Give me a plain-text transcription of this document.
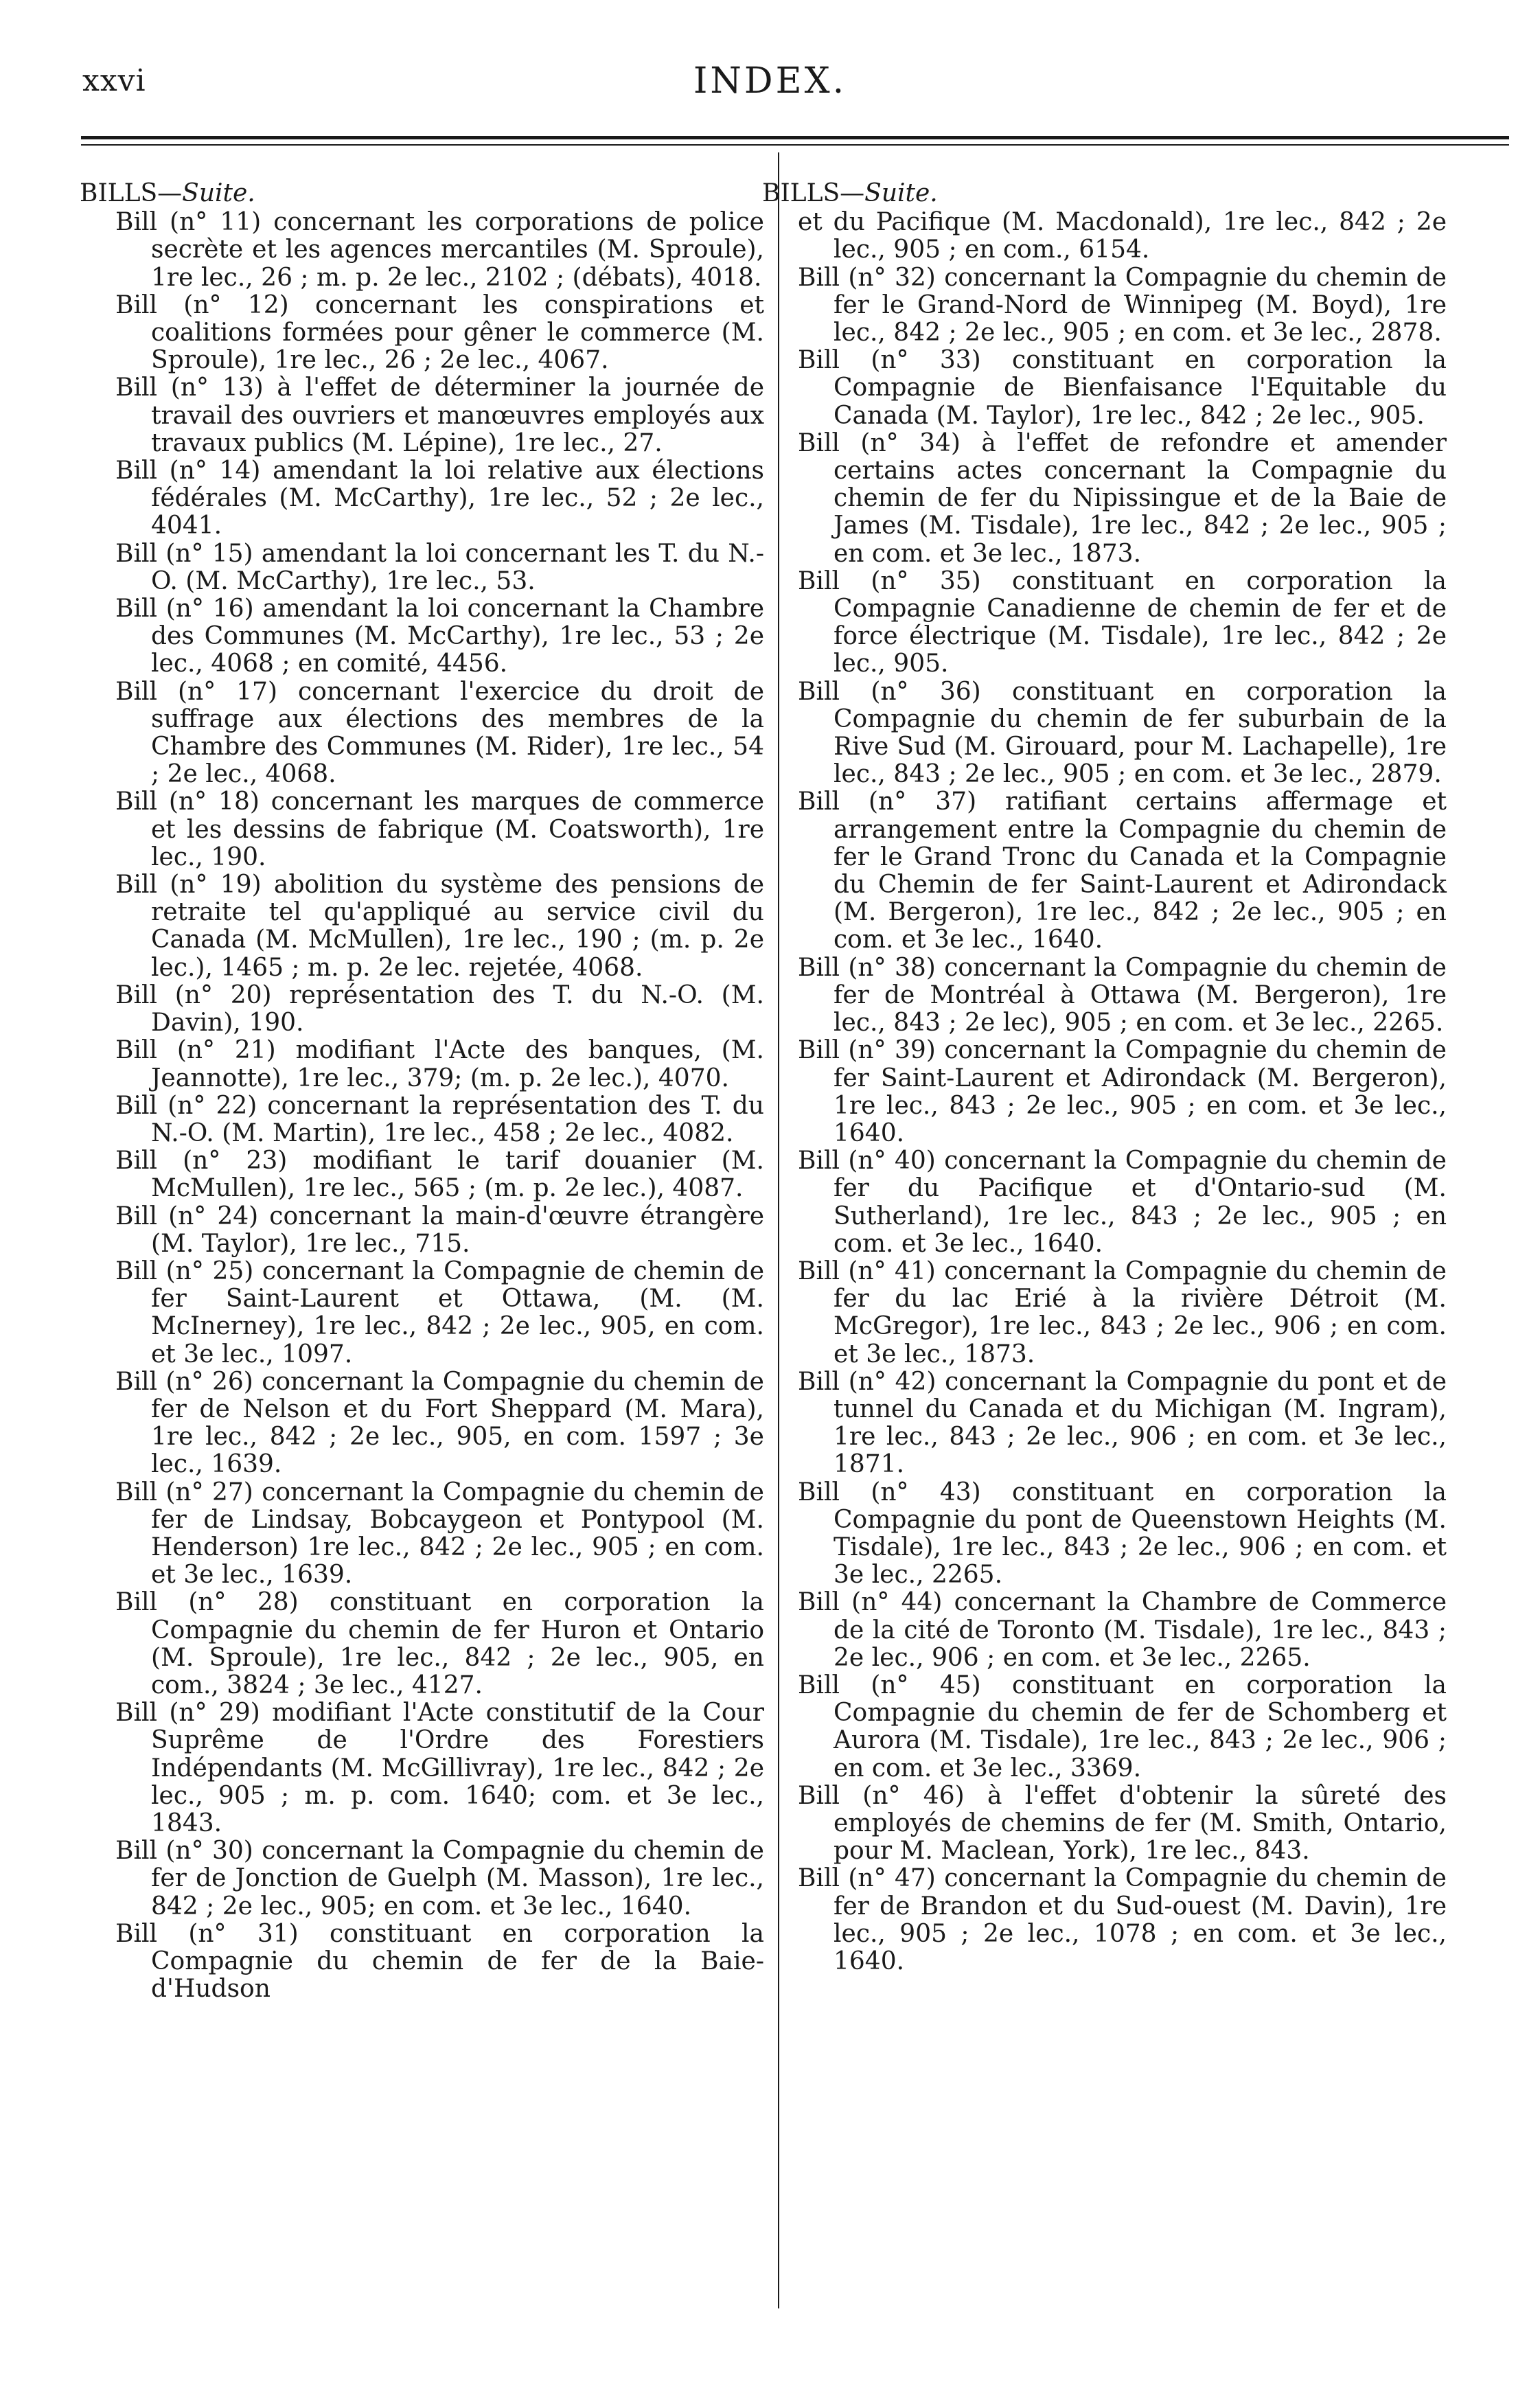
xxvi	INDEX.

BILLS—Suite.

Bill (n° 11) concernant les corporations de police secrète et les agences mercantiles (M. Sproule), 1re lec., 26 ; m. p. 2e lec., 2102 ; (débats), 4018.

Bill (n° 12) concernant les conspirations et coalitions formées pour gêner le commerce (M. Sproule), 1re lec., 26 ; 2e lec., 4067.

Bill (n° 13) à l'effet de déterminer la journée de travail des ouvriers et manœuvres employés aux travaux publics (M. Lépine), 1re lec., 27.

Bill (n° 14) amendant la loi relative aux élections fédérales (M. McCarthy), 1re lec., 52 ; 2e lec., 4041.

Bill (n° 15) amendant la loi concernant les T. du N.-O. (M. McCarthy), 1re lec., 53.

Bill (n° 16) amendant la loi concernant la Chambre des Communes (M. McCarthy), 1re lec., 53 ; 2e lec., 4068 ; en comité, 4456.

Bill (n° 17) concernant l'exercice du droit de suffrage aux élections des membres de la Chambre des Communes (M. Rider), 1re lec., 54 ; 2e lec., 4068.

Bill (n° 18) concernant les marques de commerce et les dessins de fabrique (M. Coatsworth), 1re lec., 190.

Bill (n° 19) abolition du système des pensions de retraite tel qu'appliqué au service civil du Canada (M. McMullen), 1re lec., 190 ; (m. p. 2e lec.), 1465 ; m. p. 2e lec. rejetée, 4068.

Bill (n° 20) représentation des T. du N.-O. (M. Davin), 190.

Bill (n° 21) modifiant l'Acte des banques, (M. Jeannotte), 1re lec., 379; (m. p. 2e lec.), 4070.

Bill (n° 22) concernant la représentation des T. du N.-O. (M. Martin), 1re lec., 458 ; 2e lec., 4082.

Bill (n° 23) modifiant le tarif douanier (M. McMullen), 1re lec., 565 ; (m. p. 2e lec.), 4087.

Bill (n° 24) concernant la main-d'œuvre étrangère (M. Taylor), 1re lec., 715.

Bill (n° 25) concernant la Compagnie de chemin de fer Saint-Laurent et Ottawa, (M. (M. McInerney), 1re lec., 842 ; 2e lec., 905, en com. et 3e lec., 1097.

Bill (n° 26) concernant la Compagnie du chemin de fer de Nelson et du Fort Sheppard (M. Mara), 1re lec., 842 ; 2e lec., 905, en com. 1597 ; 3e lec., 1639.

Bill (n° 27) concernant la Compagnie du chemin de fer de Lindsay, Bobcaygeon et Pontypool (M. Henderson) 1re lec., 842 ; 2e lec., 905 ; en com. et 3e lec., 1639.

Bill (n° 28) constituant en corporation la Compagnie du chemin de fer Huron et Ontario (M. Sproule), 1re lec., 842 ; 2e lec., 905, en com., 3824 ; 3e lec., 4127.

Bill (n° 29) modifiant l'Acte constitutif de la Cour Suprême de l'Ordre des Forestiers Indépendants (M. McGillivray), 1re lec., 842 ; 2e lec., 905 ; m. p. com. 1640; com. et 3e lec., 1843.

Bill (n° 30) concernant la Compagnie du chemin de fer de Jonction de Guelph (M. Masson), 1re lec., 842 ; 2e lec., 905; en com. et 3e lec., 1640.

Bill (n° 31) constituant en corporation la Compagnie du chemin de fer de la Baie-d'Hudson

BILLS—Suite.

et du Pacifique (M. Macdonald), 1re lec., 842 ; 2e lec., 905 ; en com., 6154.

Bill (n° 32) concernant la Compagnie du chemin de fer le Grand-Nord de Winnipeg (M. Boyd), 1re lec., 842 ; 2e lec., 905 ; en com. et 3e lec., 2878.

Bill (n° 33) constituant en corporation la Compagnie de Bienfaisance l'Equitable du Canada (M. Taylor), 1re lec., 842 ; 2e lec., 905.

Bill (n° 34) à l'effet de refondre et amender certains actes concernant la Compagnie du chemin de fer du Nipissingue et de la Baie de James (M. Tisdale), 1re lec., 842 ; 2e lec., 905 ; en com. et 3e lec., 1873.

Bill (n° 35) constituant en corporation la Compagnie Canadienne de chemin de fer et de force électrique (M. Tisdale), 1re lec., 842 ; 2e lec., 905.

Bill (n° 36) constituant en corporation la Compagnie du chemin de fer suburbain de la Rive Sud (M. Girouard, pour M. Lachapelle), 1re lec., 843 ; 2e lec., 905 ; en com. et 3e lec., 2879.

Bill (n° 37) ratifiant certains affermage et arrangement entre la Compagnie du chemin de fer le Grand Tronc du Canada et la Compagnie du Chemin de fer Saint-Laurent et Adirondack (M. Bergeron), 1re lec., 842 ; 2e lec., 905 ; en com. et 3e lec., 1640.

Bill (n° 38) concernant la Compagnie du chemin de fer de Montréal à Ottawa (M. Bergeron), 1re lec., 843 ; 2e lec), 905 ; en com. et 3e lec., 2265.

Bill (n° 39) concernant la Compagnie du chemin de fer Saint-Laurent et Adirondack (M. Bergeron), 1re lec., 843 ; 2e lec., 905 ; en com. et 3e lec., 1640.

Bill (n° 40) concernant la Compagnie du chemin de fer du Pacifique et d'Ontario-sud (M. Sutherland), 1re lec., 843 ; 2e lec., 905 ; en com. et 3e lec., 1640.

Bill (n° 41) concernant la Compagnie du chemin de fer du lac Erié à la rivière Détroit (M. McGregor), 1re lec., 843 ; 2e lec., 906 ; en com. et 3e lec., 1873.

Bill (n° 42) concernant la Compagnie du pont et de tunnel du Canada et du Michigan (M. Ingram), 1re lec., 843 ; 2e lec., 906 ; en com. et 3e lec., 1871.

Bill (n° 43) constituant en corporation la Compagnie du pont de Queenstown Heights (M. Tisdale), 1re lec., 843 ; 2e lec., 906 ; en com. et 3e lec., 2265.

Bill (n° 44) concernant la Chambre de Commerce de la cité de Toronto (M. Tisdale), 1re lec., 843 ; 2e lec., 906 ; en com. et 3e lec., 2265.

Bill (n° 45) constituant en corporation la Compagnie du chemin de fer de Schomberg et Aurora (M. Tisdale), 1re lec., 843 ; 2e lec., 906 ; en com. et 3e lec., 3369.

Bill (n° 46) à l'effet d'obtenir la sûreté des employés de chemins de fer (M. Smith, Ontario, pour M. Maclean, York), 1re lec., 843.

Bill (n° 47) concernant la Compagnie du chemin de fer de Brandon et du Sud-ouest (M. Davin), 1re lec., 905 ; 2e lec., 1078 ; en com. et 3e lec., 1640.
